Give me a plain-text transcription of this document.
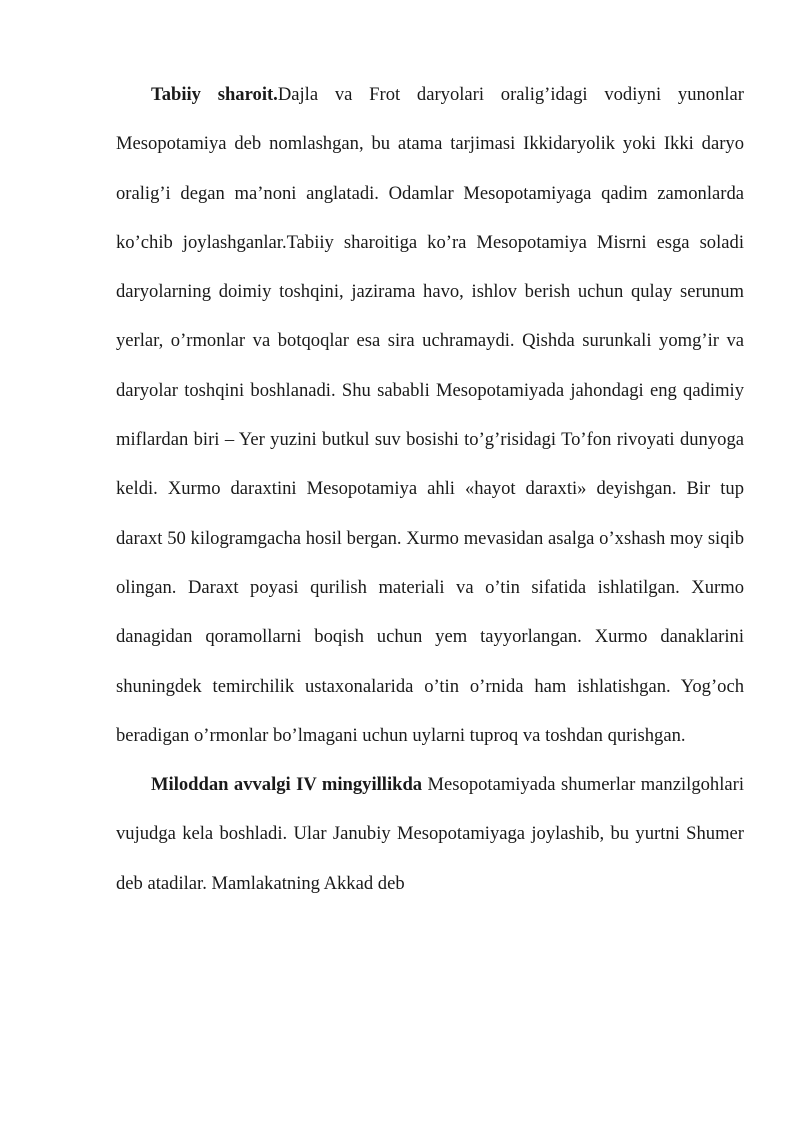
Tabiiy sharoit.Dajla va Frot daryolari oralig’idagi vodiyni yunonlar Mesopotamiya deb nomlashgan, bu atama tarjimasi Ikkidaryolik yoki Ikki daryo oralig’i degan ma’noni anglatadi. Odamlar Mesopotamiyaga qadim zamonlarda ko’chib joylashganlar.Tabiiy sharoitiga ko’ra Mesopotamiya Misrni esga soladi daryolarning doimiy toshqini, jazirama havo, ishlov berish uchun qulay serunum yerlar, o’rmonlar va botqoqlar esa sira uchramaydi. Qishda surunkali yomg’ir va daryolar toshqini boshlanadi. Shu sababli Mesopotamiyada jahondagi eng qadimiy miflardan biri – Yer yuzini butkul suv bosishi to’g’risidagi To’fon rivoyati dunyoga keldi. Xurmo daraxtini Mesopotamiya ahli «hayot daraxti» deyishgan. Bir tup daraxt 50 kilogramgacha hosil bergan. Xurmo mevasidan asalga o’xshash moy siqib olingan. Daraxt poyasi qurilish materiali va o’tin sifatida ishlatilgan. Xurmo danagidan qoramollarni boqish uchun yem tayyorlangan. Xurmo danaklarini shuningdek temirchilik ustaxonalarida o’tin o’rnida ham ishlatishgan. Yog’och beradigan o’rmonlar bo’lmagani uchun uylarni tuproq va toshdan qurishgan.

Miloddan avvalgi IV mingyillikda Mesopotamiyada shumerlar manzilgohlari vujudga kela boshladi. Ular Janubiy Mesopotamiyaga joylashib, bu yurtni Shumer deb atadilar. Mamlakatning Akkad deb
